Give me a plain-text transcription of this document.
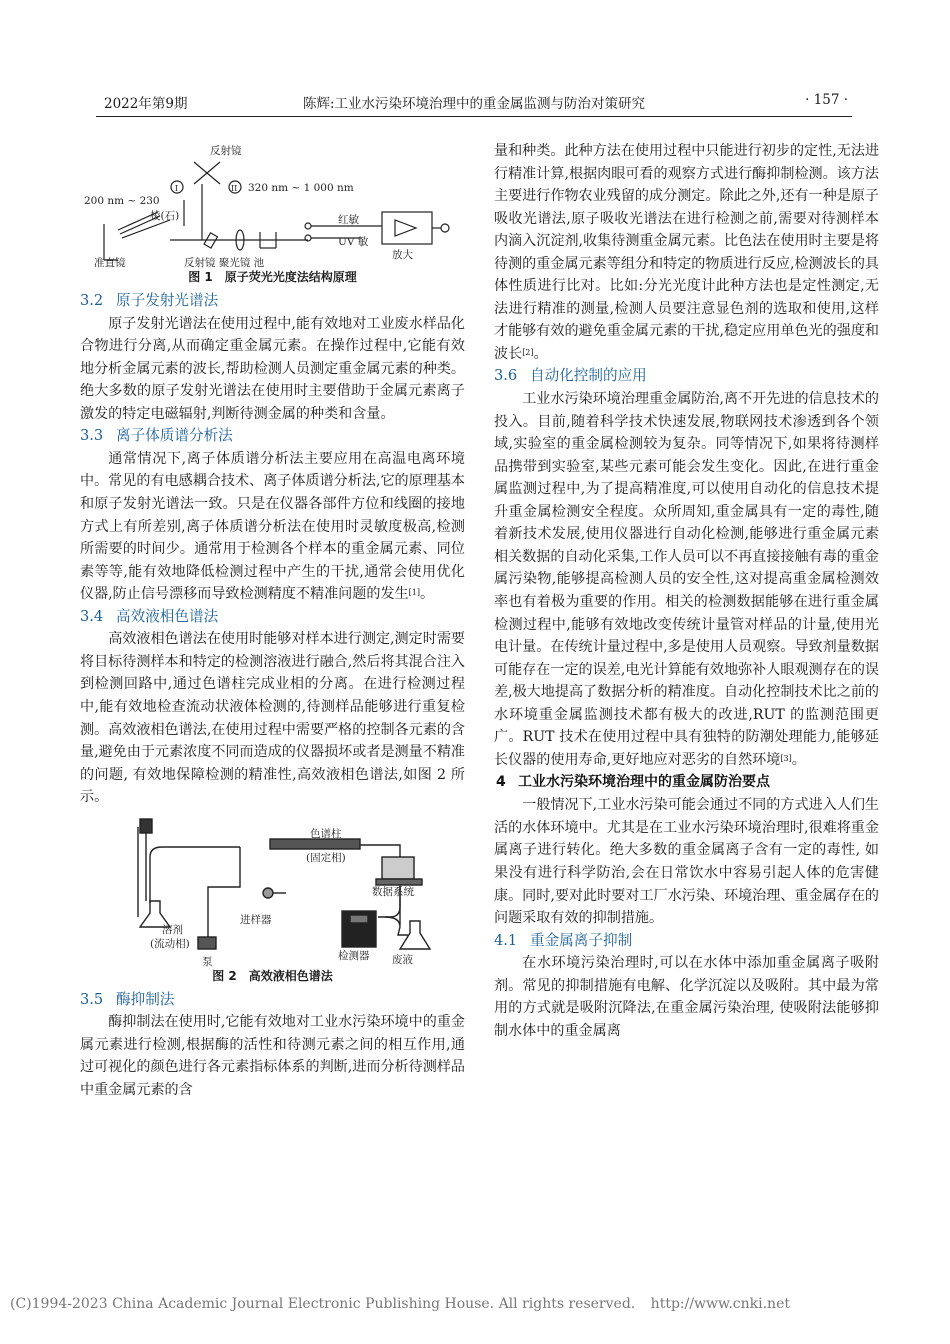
2022年第9期	陈辉:工业水污染环境治理中的重金属监测与防治对策研究	· 157 ·
反射镜
200 nm ~ 230
320 nm ~ 1 000 nm
棱(石)	红敏
UV 敏
放大
准直镜	反射镜 聚光镜 池
I	II
图 1 原子荧光光度法结构原理
3.2 原子发射光谱法

原子发射光谱法在使用过程中,能有效地对工业废水样品化合物进行分离,从而确定重金属元素。在操作过程中,它能有效地分析金属元素的波长,帮助检测人员测定重金属元素的种类。绝大多数的原子发射光谱法在使用时主要借助于金属元素离子激发的特定电磁辐射,判断待测金属的种类和含量。

3.3 离子体质谱分析法

通常情况下,离子体质谱分析法主要应用在高温电离环境中。常见的有电感耦合技术、离子体质谱分析法,它的原理基本和原子发射光谱法一致。只是在仪器各部件方位和线圈的接地方式上有所差别,离子体质谱分析法在使用时灵敏度极高,检测所需要的时间少。通常用于检测各个样本的重金属元素、同位素等等,能有效地降低检测过程中产生的干扰,通常会使用优化仪器,防止信号漂移而导致检测精度不精准问题的发生[1]。

3.4 高效液相色谱法

高效液相色谱法在使用时能够对样本进行测定,测定时需要将目标待测样本和特定的检测溶液进行融合,然后将其混合注入到检测回路中,通过色谱柱完成业相的分离。在进行检测过程中,能有效地检查流动状液体检测的,待测样品能够进行重复检测。高效液相色谱法,在使用过程中需要严格的控制各元素的含量,避免由于元素浓度不同而造成的仪器损坏或者是测量不精准的问题, 有效地保障检测的精准性,高效液相色谱法,如图 2 所示。

色谱柱
(固定相)
数据系统
溶剂
(流动相)
进样器
泵	检测器 废液
图 2 高效液相色谱法
3.5 酶抑制法

酶抑制法在使用时,它能有效地对工业水污染环境中的重金属元素进行检测,根据酶的活性和待测元素之间的相互作用,通过可视化的颜色进行各元素指标体系的判断,进而分析待测样品中重金属元素的含

量和种类。此种方法在使用过程中只能进行初步的定性,无法进行精准计算,根据肉眼可看的观察方式进行酶抑制检测。该方法主要进行作物农业残留的成分测定。除此之外,还有一种是原子吸收光谱法,原子吸收光谱法在进行检测之前,需要对待测样本内滴入沉淀剂,收集待测重金属元素。比色法在使用时主要是将待测的重金属元素等组分和特定的物质进行反应,检测波长的具体性质进行比对。比如:分光光度计此种方法也是定性测定,无法进行精准的测量,检测人员要注意显色剂的选取和使用,这样才能够有效的避免重金属元素的干扰,稳定应用单色光的强度和波长[2]。

3.6 自动化控制的应用

工业水污染环境治理重金属防治,离不开先进的信息技术的投入。目前,随着科学技术快速发展,物联网技术渗透到各个领域,实验室的重金属检测较为复杂。同等情况下,如果将待测样品携带到实验室,某些元素可能会发生变化。因此,在进行重金属监测过程中,为了提高精准度,可以使用自动化的信息技术提升重金属检测安全程度。众所周知,重金属具有一定的毒性,随着新技术发展,使用仪器进行自动化检测,能够进行重金属元素相关数据的自动化采集,工作人员可以不再直接接触有毒的重金属污染物,能够提高检测人员的安全性,这对提高重金属检测效率也有着极为重要的作用。相关的检测数据能够在进行重金属检测过程中,能够有效地改变传统计量管对样品的计量,使用光电计量。在传统计量过程中,多是使用人员观察。导致剂量数据可能存在一定的误差,电光计算能有效地弥补人眼观测存在的误差,极大地提高了数据分析的精准度。自动化控制技术比之前的水环境重金属监测技术都有极大的改进,RUT 的监测范围更广。RUT 技术在使用过程中具有独特的防潮处理能力,能够延长仪器的使用寿命,更好地应对恶劣的自然环境[3]。

4 工业水污染环境治理中的重金属防治要点

一般情况下,工业水污染可能会通过不同的方式进入人们生活的水体环境中。尤其是在工业水污染环境治理时,很难将重金属离子进行转化。绝大多数的重金属离子含有一定的毒性, 如果没有进行科学防治,会在日常饮水中容易引起人体的危害健康。同时,要对此时要对工厂水污染、环境治理、重金属存在的问题采取有效的抑制措施。

4.1 重金属离子抑制

在水环境污染治理时,可以在水体中添加重金属离子吸附剂。常见的抑制措施有电解、化学沉淀以及吸附。其中最为常用的方式就是吸附沉降法,在重金属污染治理, 使吸附法能够抑制水体中的重金属离

(C)1994-2023 China Academic Journal Electronic Publishing House. All rights reserved. http://www.cnki.net
